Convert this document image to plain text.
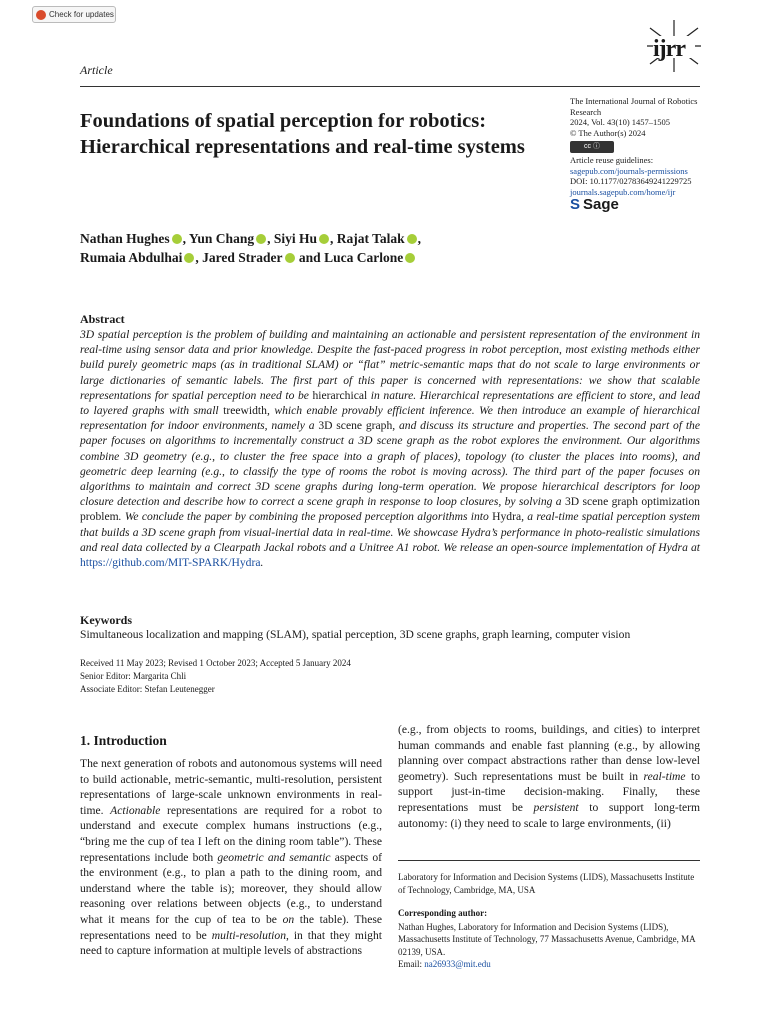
Check for updates
ijrr
Article
Foundations of spatial perception for robotics: Hierarchical representations and real-time systems
The International Journal of Robotics Research
2024, Vol. 43(10) 1457–1505
© The Author(s) 2024
cc ⓘ
Article reuse guidelines:
sagepub.com/journals-permissions
DOI: 10.1177/02783649241229725
journals.sagepub.com/home/ijr
S Sage
Nathan Hughes , Yun Chang , Siyi Hu , Rajat Talak ,
Rumaia Abdulhai , Jared Strader and Luca Carlone
Abstract
3D spatial perception is the problem of building and maintaining an actionable and persistent representation of the environment in real-time using sensor data and prior knowledge. Despite the fast-paced progress in robot perception, most existing methods either build purely geometric maps (as in traditional SLAM) or “flat” metric-semantic maps that do not scale to large environments or large dictionaries of semantic labels. The first part of this paper is concerned with representations: we show that scalable representations for spatial perception need to be hierarchical in nature. Hierarchical representations are efficient to store, and lead to layered graphs with small treewidth, which enable provably efficient inference. We then introduce an example of hierarchical representation for indoor environments, namely a 3D scene graph, and discuss its structure and properties. The second part of the paper focuses on algorithms to incrementally construct a 3D scene graph as the robot explores the environment. Our algorithms combine 3D geometry (e.g., to cluster the free space into a graph of places), topology (to cluster the places into rooms), and geometric deep learning (e.g., to classify the type of rooms the robot is moving across). The third part of the paper focuses on algorithms to maintain and correct 3D scene graphs during long-term operation. We propose hierarchical descriptors for loop closure detection and describe how to correct a scene graph in response to loop closures, by solving a 3D scene graph optimization problem. We conclude the paper by combining the proposed perception algorithms into Hydra, a real-time spatial perception system that builds a 3D scene graph from visual-inertial data in real-time. We showcase Hydra’s performance in photo-realistic simulations and real data collected by a Clearpath Jackal robots and a Unitree A1 robot. We release an open-source implementation of Hydra at https://github.com/MIT-SPARK/Hydra.
Keywords
Simultaneous localization and mapping (SLAM), spatial perception, 3D scene graphs, graph learning, computer vision
Received 11 May 2023; Revised 1 October 2023; Accepted 5 January 2024
Senior Editor: Margarita Chli
Associate Editor: Stefan Leutenegger
1. Introduction
The next generation of robots and autonomous systems will need to build actionable, metric-semantic, multi-resolution, persistent representations of large-scale unknown environments in real-time. Actionable representations are required for a robot to understand and execute complex humans instructions (e.g., “bring me the cup of tea I left on the dining room table”). These representations include both geometric and semantic aspects of the environment (e.g., to plan a path to the dining room, and understand where the table is); moreover, they should allow reasoning over relations between objects (e.g., to understand what it means for the cup of tea to be on the table). These representations need to be multi-resolution, in that they might need to capture information at multiple levels of abstractions
(e.g., from objects to rooms, buildings, and cities) to interpret human commands and enable fast planning (e.g., by allowing planning over compact abstractions rather than dense low-level geometry). Such representations must be built in real-time to support just-in-time decision-making. Finally, these representations must be persistent to support long-term autonomy: (i) they need to scale to large environments, (ii)
Laboratory for Information and Decision Systems (LIDS), Massachusetts Institute of Technology, Cambridge, MA, USA
Corresponding author:
Nathan Hughes, Laboratory for Information and Decision Systems (LIDS), Massachusetts Institute of Technology, 77 Massachusetts Avenue, Cambridge, MA 02139, USA.
Email: na26933@mit.edu
